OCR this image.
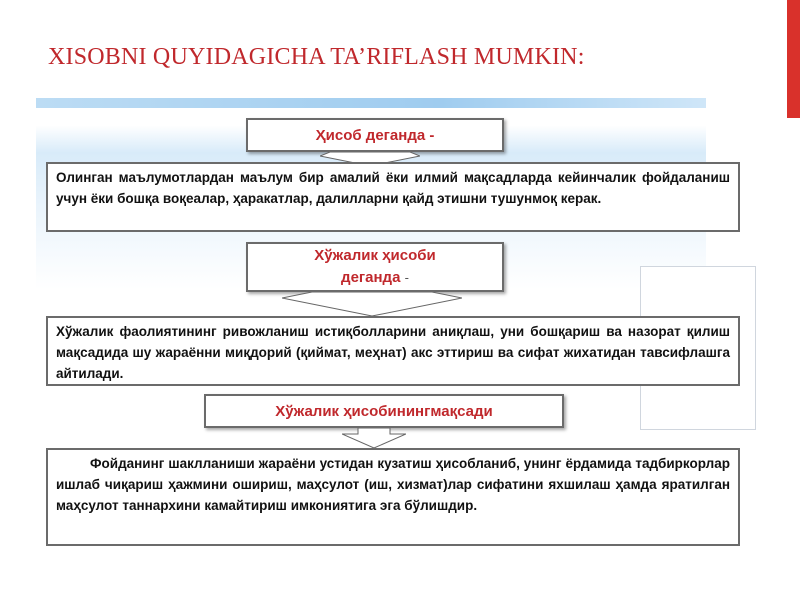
XISOBNI QUYIDAGICHA TA’RIFLASH MUMKIN:
Ҳисоб деганда -
Олинган маълумотлардан маълум бир амалий ёки илмий мақсадларда кейинчалик фойдаланиш учун ёки бошқа воқеалар, ҳаракатлар, далилларни қайд этишни тушунмоқ керак.
Хўжалик ҳисоби
деганда -
Хўжалик фаолиятининг ривожланиш истиқболларини аниқлаш, уни бошқариш ва назорат қилиш мақсадида шу жараённи миқдорий (қиймат, меҳнат) акс эттириш ва сифат жихатидан тавсифлашга айтилади.
Хўжалик ҳисобинингмақсади
Фойданинг шаклланиши жараёни устидан кузатиш ҳисобланиб, унинг ёрдамида тадбиркорлар ишлаб чиқариш ҳажмини ошириш, маҳсулот (иш, хизмат)лар сифатини яхшилаш ҳамда яратилган маҳсулот таннархини камайтириш имкониятига эга бўлишдир.
